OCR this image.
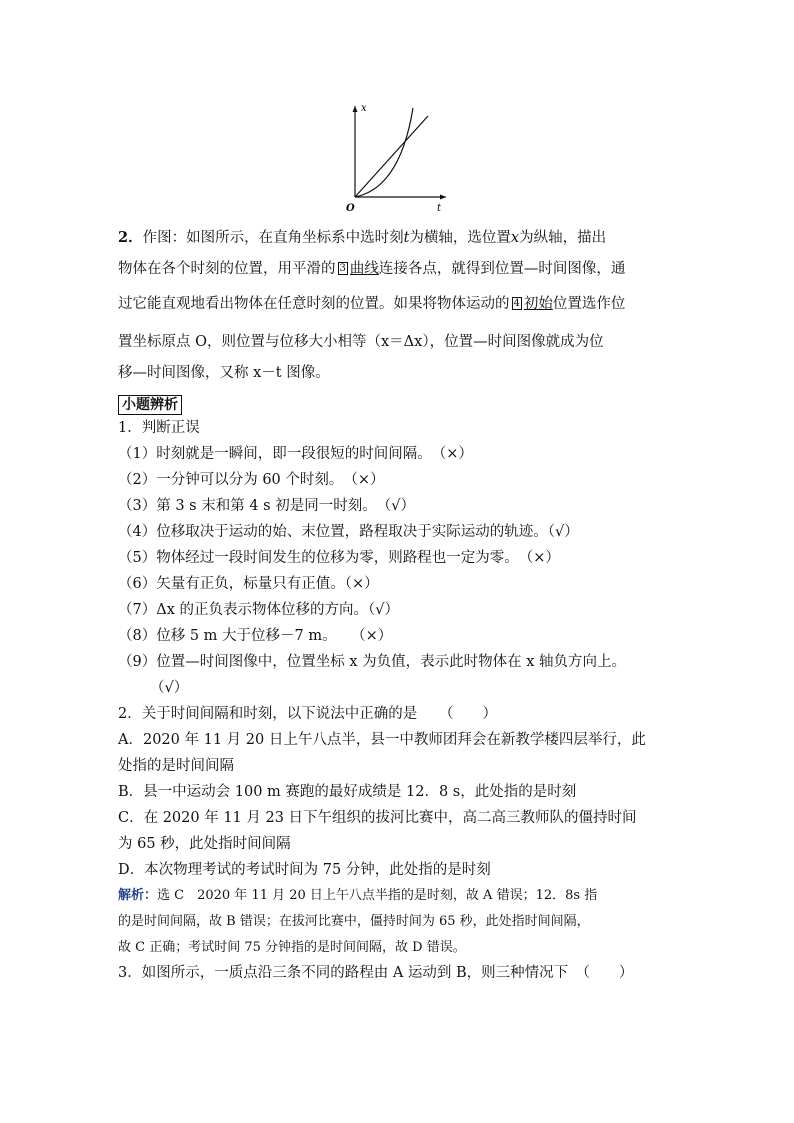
x
t
O
2．作图：如图所示，在直角坐标系中选时刻t为横轴，选位置x为纵轴，描出
物体在各个时刻的位置，用平滑的 3 曲线连接各点，就得到位置—时间图像，通
过它能直观地看出物体在任意时刻的位置。如果将物体运动的 4 初始位置选作位
置坐标原点 O，则位置与位移大小相等（x＝Δx），位置—时间图像就成为位
移—时间图像，又称 x－t 图像。
小题辨析
1．判断正误
（1）时刻就是一瞬间，即一段很短的时间间隔。　（×）
（2）一分钟可以分为 60 个时刻。　（×）
（3）第 3 s 末和第 4 s 初是同一时刻。　（√）
（4）位移取决于运动的始、末位置，路程取决于实际运动的轨迹。（√）
（5）物体经过一段时间发生的位移为零，则路程也一定为零。　（×）
（6）矢量有正负，标量只有正值。（×）
（7）Δx 的正负表示物体位移的方向。（√）
（8）位移 5 m 大于位移－7 m。　　（×）
（9）位置—时间图像中，位置坐标 x 为负值，表示此时物体在 x 轴负方向上。
（√）
2．关于时间间隔和时刻，以下说法中正确的是　　（　　）
A．2020 年 11 月 20 日上午八点半，县一中教师团拜会在新教学楼四层举行，此
处指的是时间间隔
B．县一中运动会 100 m 赛跑的最好成绩是 12．8 s，此处指的是时刻
C．在 2020 年 11 月 23 日下午组织的拔河比赛中，高二高三教师队的僵持时间
为 65 秒，此处指时间间隔
D．本次物理考试的考试时间为 75 分钟，此处指的是时刻
解析：选 C　2020 年 11 月 20 日上午八点半指的是时刻，故 A 错误；12．8s 指
的是时间间隔，故 B 错误；在拔河比赛中，僵持时间为 65 秒，此处指时间间隔，
故 C 正确；考试时间 75 分钟指的是时间间隔，故 D 错误。
3．如图所示，一质点沿三条不同的路程由 A 运动到 B，则三种情况下　（　　）
